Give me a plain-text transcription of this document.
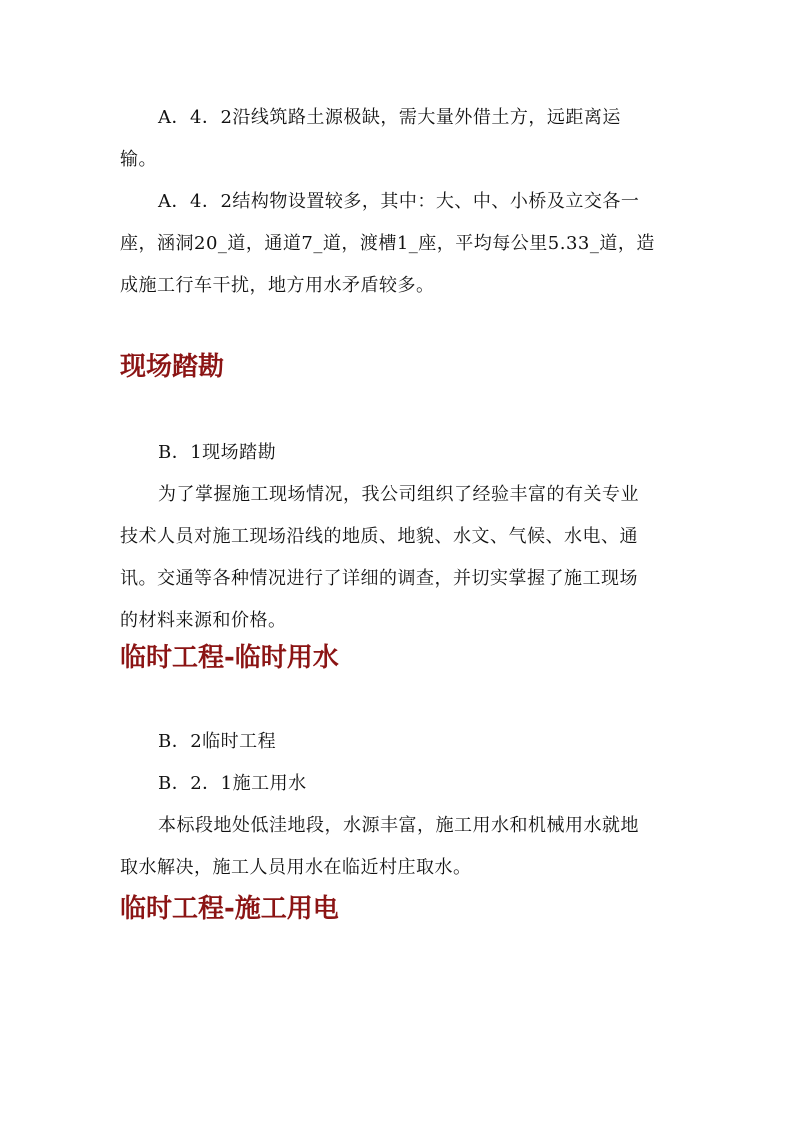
A．4．2沿线筑路土源极缺，需大量外借土方，远距离运
输。
A．4．2结构物设置较多，其中：大、中、小桥及立交各一
座，涵洞20_道，通道7_道，渡槽1_座，平均每公里5.33_道，造
成施工行车干扰，地方用水矛盾较多。
现场踏勘
B．1现场踏勘
为了掌握施工现场情况，我公司组织了经验丰富的有关专业
技术人员对施工现场沿线的地质、地貌、水文、气候、水电、通
讯。交通等各种情况进行了详细的调查，并切实掌握了施工现场
的材料来源和价格。
临时工程-临时用水
B．2临时工程
B．2．1施工用水
本标段地处低洼地段，水源丰富，施工用水和机械用水就地
取水解决，施工人员用水在临近村庄取水。
临时工程-施工用电
